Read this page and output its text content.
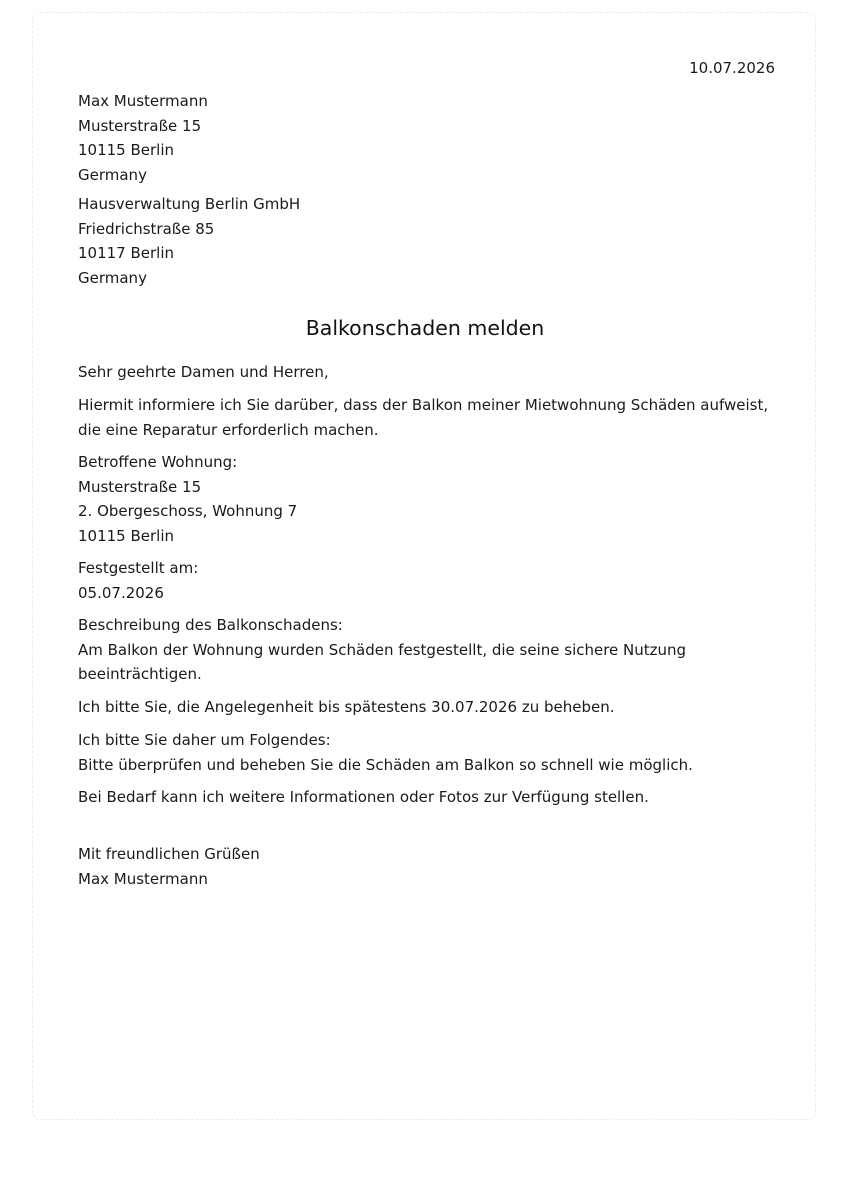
10.07.2026
Max Mustermann
Musterstraße 15
10115 Berlin
Germany
Hausverwaltung Berlin GmbH
Friedrichstraße 85
10117 Berlin
Germany
Balkonschaden melden
Sehr geehrte Damen und Herren,
Hiermit informiere ich Sie darüber, dass der Balkon meiner Mietwohnung Schäden aufweist, die eine Reparatur erforderlich machen.
Betroffene Wohnung:
Musterstraße 15
2. Obergeschoss, Wohnung 7
10115 Berlin
Festgestellt am:
05.07.2026
Beschreibung des Balkonschadens:
Am Balkon der Wohnung wurden Schäden festgestellt, die seine sichere Nutzung beeinträchtigen.
Ich bitte Sie, die Angelegenheit bis spätestens 30.07.2026 zu beheben.
Ich bitte Sie daher um Folgendes:
Bitte überprüfen und beheben Sie die Schäden am Balkon so schnell wie möglich.
Bei Bedarf kann ich weitere Informationen oder Fotos zur Verfügung stellen.
Mit freundlichen Grüßen
Max Mustermann
